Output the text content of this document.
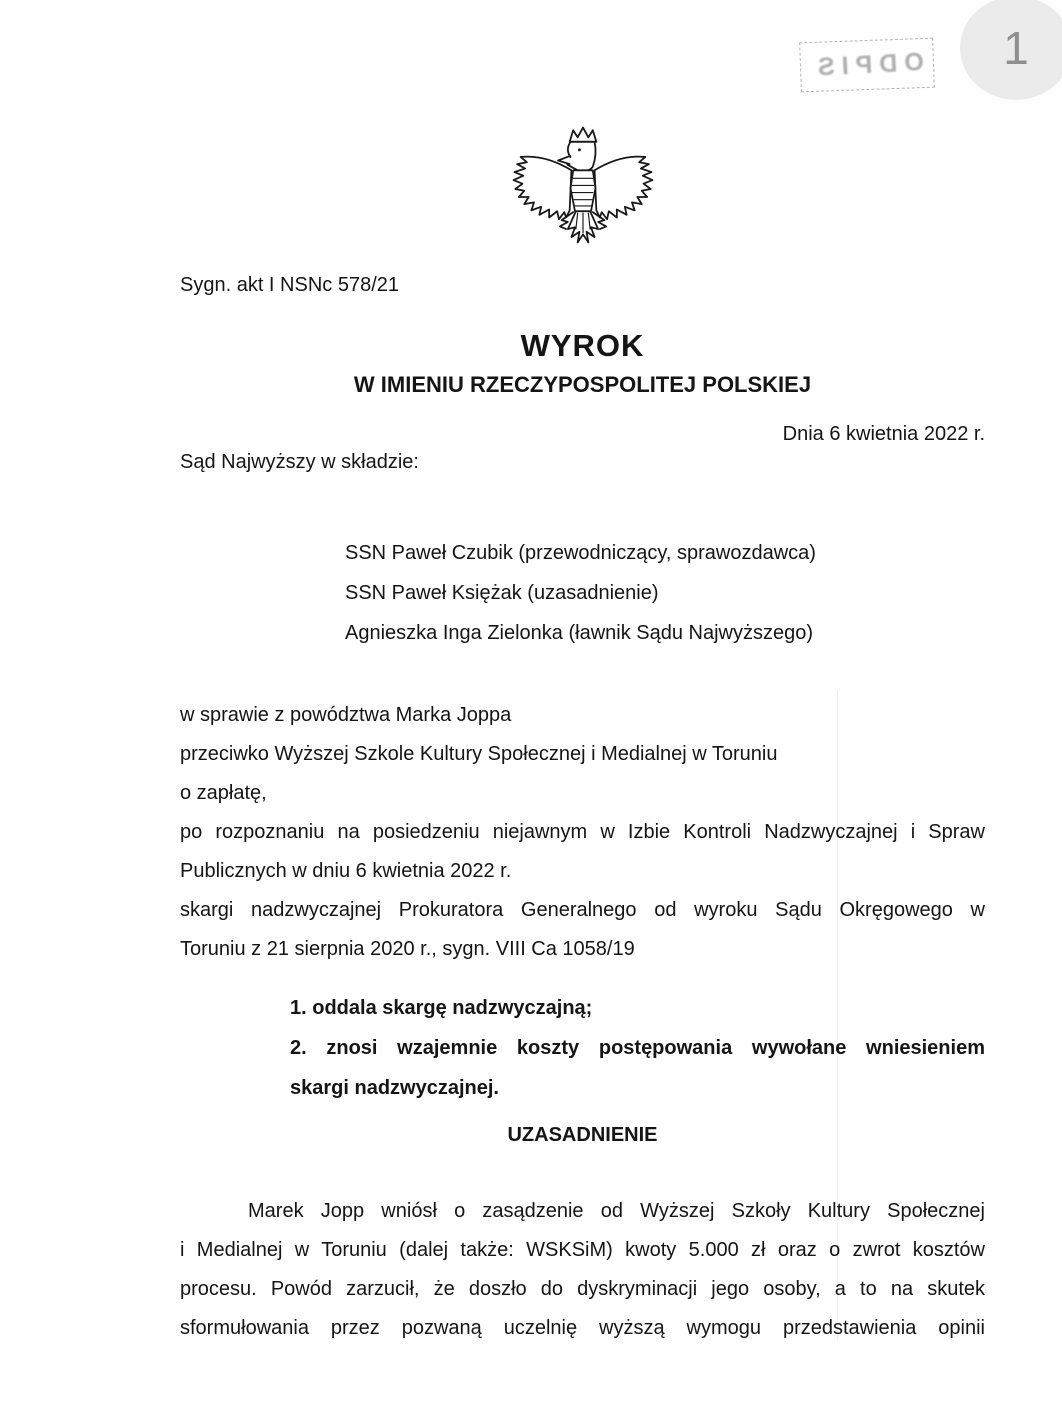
ODPIS 1
Sygn. akt I NSNc 578/21
WYROK
W IMIENIU RZECZYPOSPOLITEJ POLSKIEJ
Dnia 6 kwietnia 2022 r.
Sąd Najwyższy w składzie:
SSN Paweł Czubik (przewodniczący, sprawozdawca)
SSN Paweł Księżak (uzasadnienie)
Agnieszka Inga Zielonka (ławnik Sądu Najwyższego)
w sprawie z powództwa Marka Joppa
przeciwko Wyższej Szkole Kultury Społecznej i Medialnej w Toruniu
o zapłatę,
po rozpoznaniu na posiedzeniu niejawnym w Izbie Kontroli Nadzwyczajnej i Spraw
Publicznych w dniu 6 kwietnia 2022 r.
skargi nadzwyczajnej Prokuratora Generalnego od wyroku Sądu Okręgowego w
Toruniu z 21 sierpnia 2020 r., sygn. VIII Ca 1058/19
1. oddala skargę nadzwyczajną;
2. znosi wzajemnie koszty postępowania wywołane wniesieniem
skargi nadzwyczajnej.
UZASADNIENIE
Marek Jopp wniósł o zasądzenie od Wyższej Szkoły Kultury Społecznej
i Medialnej w Toruniu (dalej także: WSKSiM) kwoty 5.000 zł oraz o zwrot kosztów
procesu. Powód zarzucił, że doszło do dyskryminacji jego osoby, a to na skutek
sformułowania przez pozwaną uczelnię wyższą wymogu przedstawienia opinii
